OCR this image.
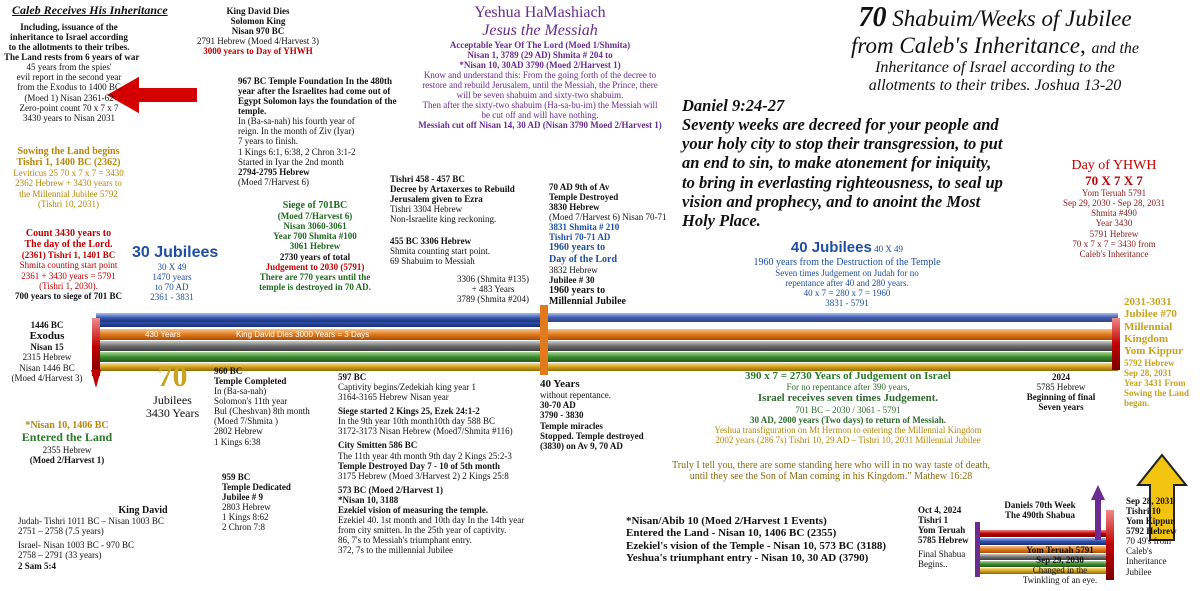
Caleb Receives His Inheritance
Including, issuance of the
inheritance to Israel according
to the allotments to their tribes.
The Land rests from 6 years of war
45 years from the spies'
evil report in the second year
from the Exodus to 1400 BC
(Moed 1) Nisan 2361-62
Zero-point count 70 x 7 x 7
3430 years to Nisan 2031
Sowing the Land begins
Tishri 1, 1400 BC (2362)
Leviticus 25 70 x 7 x 7 = 3430
2362 Hebrew + 3430 years to
the Millennial Jubilee 5792
(Tishri 10, 2031)
Count 3430 years to
The day of the Lord.
(2361) Tishri 1, 1401 BC
Shmita counting start point
2361 + 3430 years = 5791
(Tishri 1, 2030).
700 years to siege of 701 BC
30 Jubilees
30 X 49
1470 years
to 70 AD
2361 - 3831
1446 BC
Exodus
Nisan 15
2315 Hebrew
Nisan 1446 BC
(Moed 4/Harvest 3)	70
Jubilees
3430 Years
*Nisan 10, 1406 BC
Entered the Land
2355 Hebrew
(Moed 2/Harvest 1)
King David
Judah- Tishri 1011 BC – Nisan 1003 BC
2751 – 2758 (7.5 years)
Israel- Nisan 1003 BC - 970 BC
2758 – 2791 (33 years)
2 Sam 5:4
King David Dies
Solomon King
Nisan 970 BC
2791 Hebrew (Moed 4/Harvest 3)
3000 years to Day of YHWH
967 BC Temple Foundation In the 480th
year after the Israelites had come out of
Egypt Solomon lays the foundation of the
temple.
In (Ba-sa-nah) his fourth year of
reign. In the month of Ziv (Iyar)
7 years to finish.
1 Kings 6:1, 6:38, 2 Chron 3:1-2
Started in Iyar the 2nd month
2794-2795 Hebrew
(Moed 7/Harvest 6)
960 BC
Temple Completed
In (Ba-sa-nah)
Solomon's 11th year
Bul (Cheshvan) 8th month
(Moed 7/Shmita )
2802 Hebrew
1 Kings 6:38
959 BC
Temple Dedicated
Jubilee # 9
2803 Hebrew
1 Kings 8:62
2 Chron 7:8
Siege of 701BC
(Moed 7/Harvest 6)
Nisan 3060-3061
Year 700 Shmita #100
3061 Hebrew
2730 years of total
Judgement to 2030 (5791)
There are 770 years until the
temple is destroyed in 70 AD.
597 BC
Captivity begins/Zedekiah king year 1
3164-3165 Hebrew Nisan year
Siege started 2 Kings 25, Ezek 24:1-2
In the 9th year 10th month10th day 588 BC
3172-3173 Nisan Hebrew (Moed7/Shmita #116)
City Smitten 586 BC
The 11th year 4th month 9th day 2 Kings 25:2-3
Temple Destroyed Day 7 - 10 of 5th month
3175 Hebrew (Moed 3/Harvest 2) 2 Kings 25:8
573 BC (Moed 2/Harvest 1)
*Nisan 10, 3188
Ezekiel vision of measuring the temple.
Ezekiel 40. 1st month and 10th day In the 14th year
from city smitten. In the 25th year of captivity.
86, 7's to Messiah's triumphant entry.
372, 7s to the millennial Jubilee
Tishri 458 - 457 BC
Decree by Artaxerxes to Rebuild
Jerusalem given to Ezra
Tishri 3304 Hebrew
Non-Israelite king reckoning.
455 BC 3306 Hebrew
Shmita counting start point.
69 Shabuim to Messiah
3306 (Shmita #135)
+ 483 Years
3789 (Shmita #204)
Yeshua HaMashiach
Jesus the Messiah
Acceptable Year Of The Lord (Moed 1/Shmita)
Nisan 1, 3789 (29 AD) Shmita # 204 to
*Nisan 10, 30AD 3790 (Moed 2/Harvest 1)
Know and understand this: From the going forth of the decree to
restore and rebuild Jerusalem, until the Messiah, the Prince, there
will be seven shabuim and sixty-two shabuim.
Then after the sixty-two shabuim (Ha-sa-bu-im) the Messiah will
be cut off and will have nothing.
Messiah cut off Nisan 14, 30 AD (Nisan 3790 Moed 2/Harvest 1)
70 AD 9th of Av
Temple Destroyed
3830 Hebrew
(Moed 7/Harvest 6) Nisan 70-71
3831 Shmita # 210
Tishri 70-71 AD
1960 years to
Day of the Lord
3832 Hebrew
Jubilee # 30
1960 years to
Millennial Jubilee
40 Years
without repentance.
30-70 AD
3790 - 3830
Temple miracles
Stopped. Temple destroyed
(3830) on Av 9, 70 AD
70 Shabuim/Weeks of Jubilee
from Caleb's Inheritance, and the
Inheritance of Israel according to the
allotments to their tribes. Joshua 13-20
Daniel 9:24-27
Seventy weeks are decreed for your people and
your holy city to stop their transgression, to put
an end to sin, to make atonement for iniquity,
to bring in everlasting righteousness, to seal up
vision and prophecy, and to anoint the Most
Holy Place.
40 Jubilees 40 X 49
1960 years from the Destruction of the Temple
Seven times Judgement on Judah for no
repentance after 40 and 280 years.
40 x 7 = 280 x 7 = 1960
3831 - 5791
Day of YHWH
70 X 7 X 7
Yom Teruah 5791
Sep 29, 2030 - Sep 28, 2031
Shmita #490
Year 3430
5791 Hebrew
70 x 7 x 7 = 3430 from
Caleb's Inheritance
2031-3031
Jubilee #70
Millennial
Kingdom
Yom Kippur
5792 Hebrew
Sep 28, 2031
Year 3431 From
Sowing the Land
began.
390 x 7 = 2730 Years of Judgement on Israel
For no repentance after 390 years,
Israel receives seven times Judgement.
701 BC – 2030 / 3061 - 5791
30 AD, 2000 years (Two days) to return of Messiah.
Yeshua transfiguration on Mt Hermon to entering the Millennial Kingdom
2002 years (286 7s) Tishri 10, 29 AD – Tishri 10, 2031 Millennial Jubilee
2024
5785 Hebrew
Beginning of final
Seven years
Truly I tell you, there are some standing here who will in no way taste of death,
until they see the Son of Man coming in his Kingdom.” Mathew 16:28
*Nisan/Abib 10 (Moed 2/Harvest 1 Events)
Entered the Land - Nisan 10, 1406 BC (2355)
Ezekiel's vision of the Temple - Nisan 10, 573 BC (3188)
Yeshua's triumphant entry - Nisan 10, 30 AD (3790)
Oct 4, 2024
Tishri 1
Yom Teruah
5785 Hebrew
Final Shabua
Begins..
Daniels 70th Week
The 490th Shabua
Yom Teruah 5791
Sep 29, 2030
Changed in the
Twinkling of an eye.
Sep 28, 2031
Tishri 10
Yom Kippur
5792 Hebrew
70 49's from
Caleb's
Inheritance
Jubilee
430 Years	King David Dies 3000 Years = 3 Days
